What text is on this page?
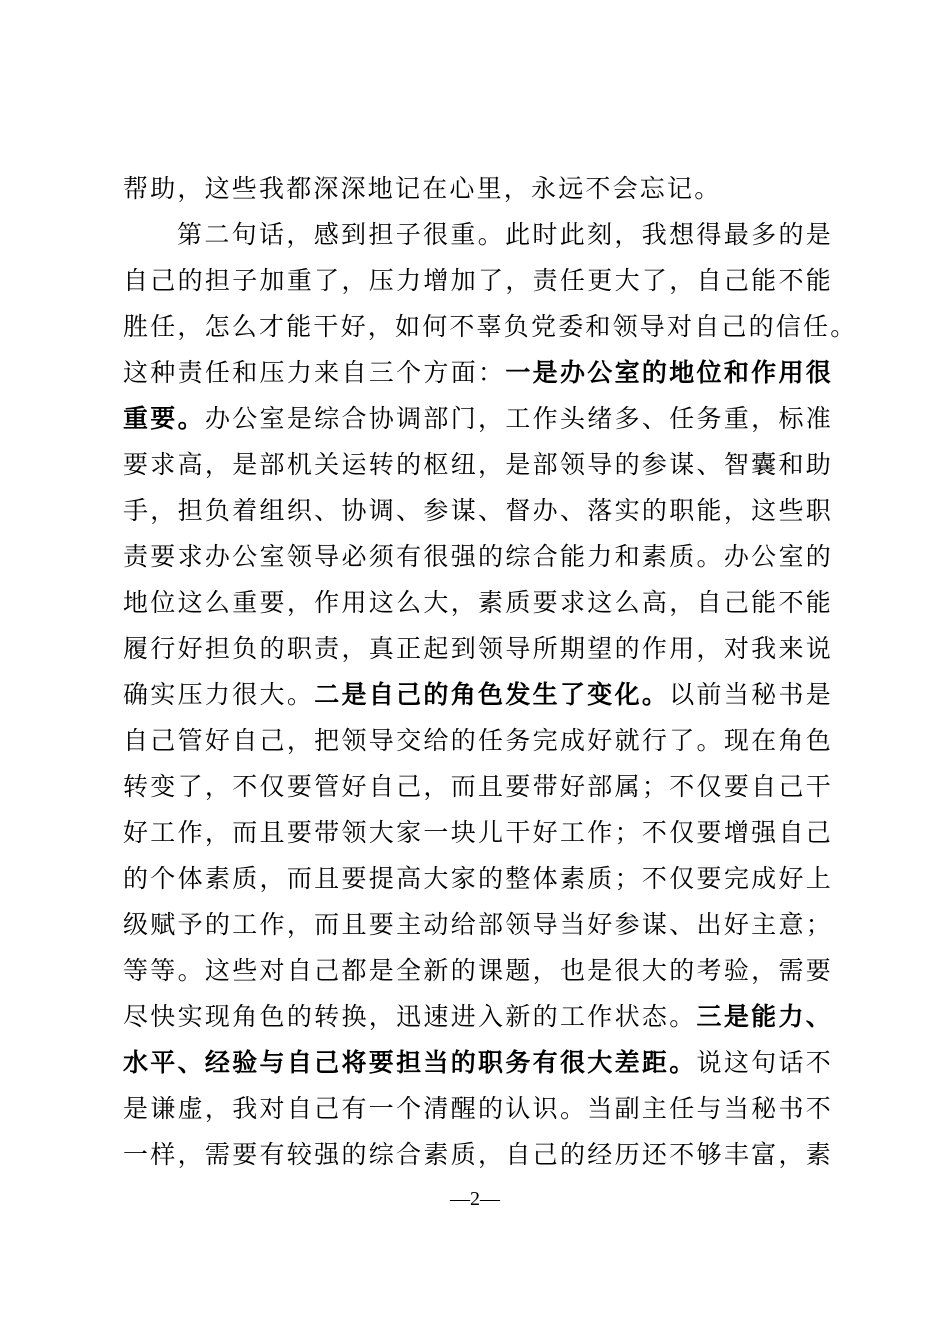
帮助，这些我都深深地记在心里，永远不会忘记。
第二句话，感到担子很重。此时此刻，我想得最多的是
自己的担子加重了，压力增加了，责任更大了，自己能不能
胜任，怎么才能干好，如何不辜负党委和领导对自己的信任。
这种责任和压力来自三个方面：一是办公室的地位和作用很
重要。办公室是综合协调部门，工作头绪多、任务重，标准
要求高，是部机关运转的枢纽，是部领导的参谋、智囊和助
手，担负着组织、协调、参谋、督办、落实的职能，这些职
责要求办公室领导必须有很强的综合能力和素质。办公室的
地位这么重要，作用这么大，素质要求这么高，自己能不能
履行好担负的职责，真正起到领导所期望的作用，对我来说
确实压力很大。二是自己的角色发生了变化。以前当秘书是
自己管好自己，把领导交给的任务完成好就行了。现在角色
转变了，不仅要管好自己，而且要带好部属；不仅要自己干
好工作，而且要带领大家一块儿干好工作；不仅要增强自己
的个体素质，而且要提高大家的整体素质；不仅要完成好上
级赋予的工作，而且要主动给部领导当好参谋、出好主意；
等等。这些对自己都是全新的课题，也是很大的考验，需要
尽快实现角色的转换，迅速进入新的工作状态。三是能力、
水平、经验与自己将要担当的职务有很大差距。说这句话不
是谦虚，我对自己有一个清醒的认识。当副主任与当秘书不
一样，需要有较强的综合素质，自己的经历还不够丰富，素
—2—
